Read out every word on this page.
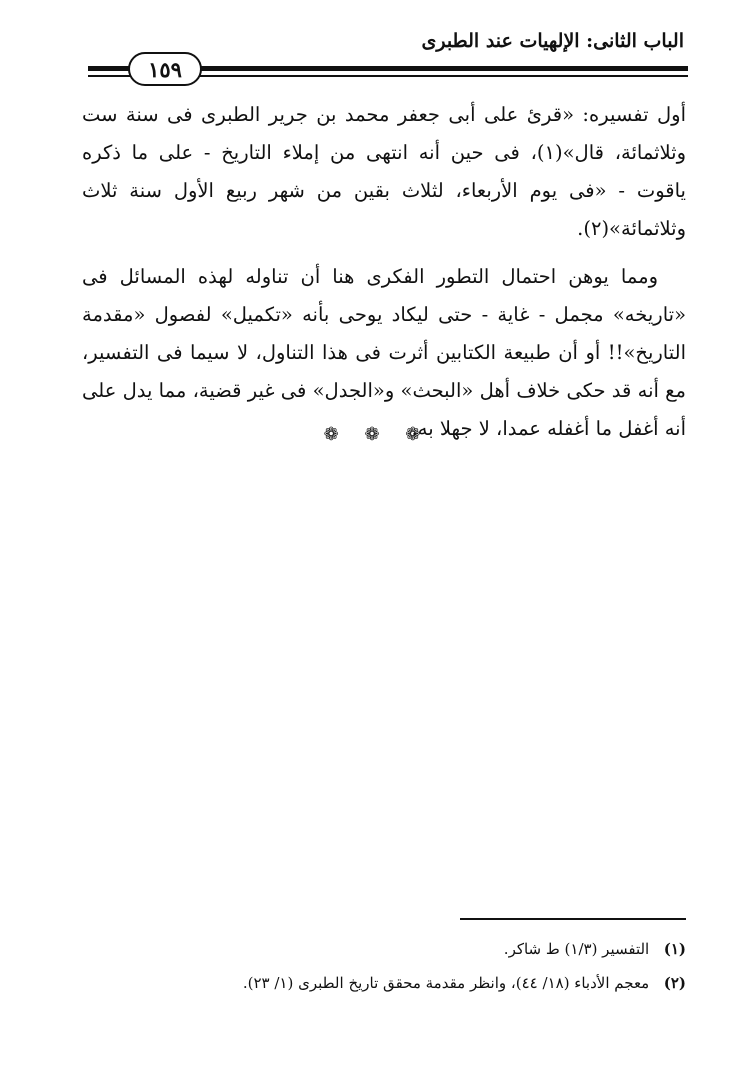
الباب الثانى: الإلهيات عند الطبرى
١٥٩

أول تفسيره: «قرئ على أبى جعفر محمد بن جرير الطبرى فى سنة ست وثلاثمائة، قال»(١)، فى حين أنه انتهى من إملاء التاريخ - على ما ذكره ياقوت - «فى يوم الأربعاء، لثلاث بقين من شهر ربيع الأول سنة ثلاث وثلاثمائة»(٢).

ومما يوهن احتمال التطور الفكرى هنا أن تناوله لهذه المسائل فى «تاريخه» مجمل - غاية - حتى ليكاد يوحى بأنه «تكميل» لفصول «مقدمة التاريخ»!! أو أن طبيعة الكتابين أثرت فى هذا التناول، لا سيما فى التفسير، مع أنه قد حكى خلاف أهل «البحث» و«الجدل» فى غير قضية، مما يدل على أنه أغفل ما أغفله عمدا، لا جهلا به.

❁ ❁ ❁
(١) التفسير (١/٣) ط شاكر.
(٢) معجم الأدباء (١٨/ ٤٤)، وانظر مقدمة محقق تاريخ الطبرى (١/ ٢٣).
